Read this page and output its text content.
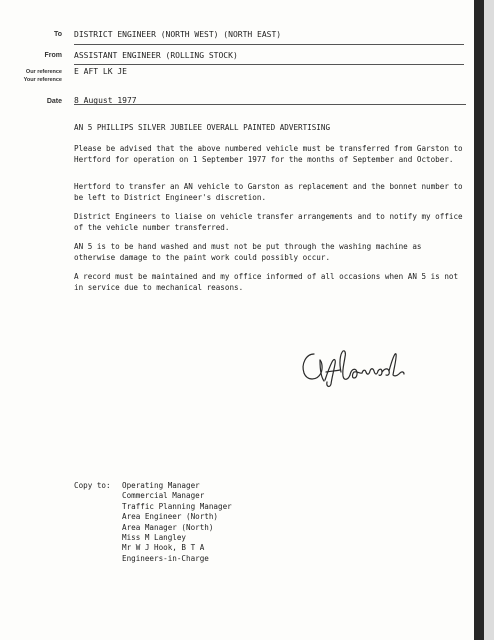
To DISTRICT ENGINEER (NORTH WEST) (NORTH EAST)
From ASSISTANT ENGINEER (ROLLING STOCK)
Our reference E AFT LK JE
Your reference
Date 8 August 1977
AN 5 PHILLIPS SILVER JUBILEE OVERALL PAINTED ADVERTISING
Please be advised that the above numbered vehicle must be transferred from Garston to Hertford for operation on 1 September 1977 for the months of September and October.
Hertford to transfer an AN vehicle to Garston as replacement and the bonnet number to be left to District Engineer's discretion.
District Engineers to liaise on vehicle transfer arrangements and to notify my office of the vehicle number transferred.
AN 5 is to be hand washed and must not be put through the washing machine as otherwise damage to the paint work could possibly occur.
A record must be maintained and my office informed of all occasions when AN 5 is not in service due to mechanical reasons.
Copy to: Operating Manager
Commercial Manager
Traffic Planning Manager
Area Engineer (North)
Area Manager (North)
Miss M Langley
Mr W J Hook, B T A
Engineers-in-Charge
